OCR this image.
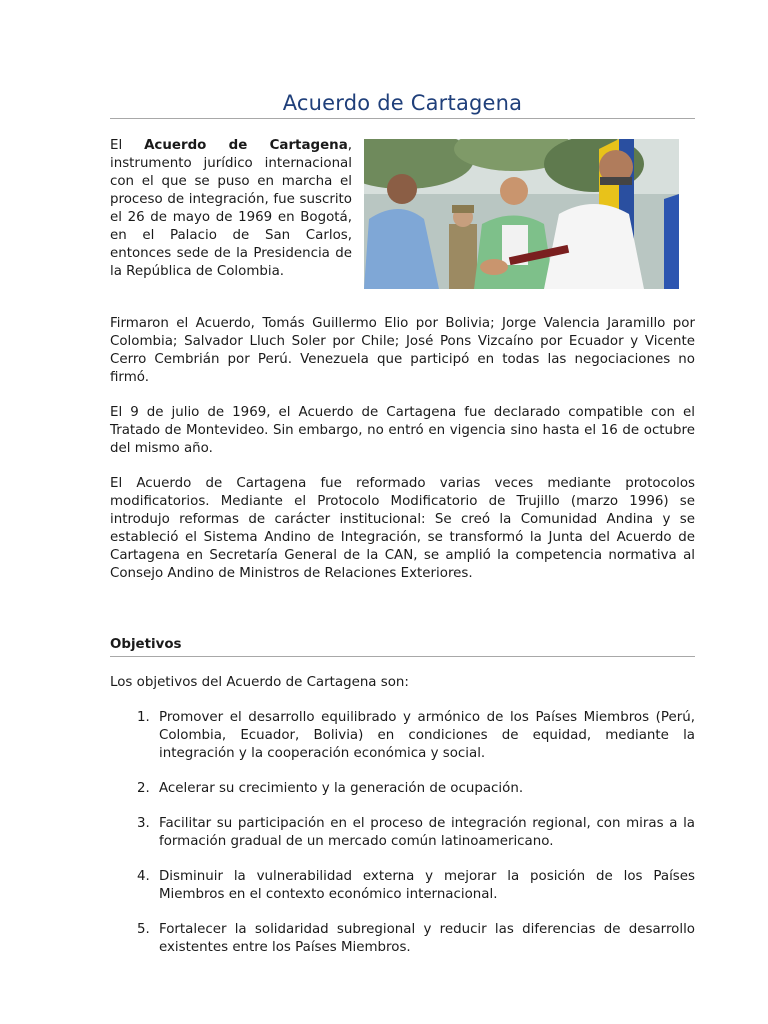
Acuerdo de Cartagena

El Acuerdo de Cartagena, instrumento jurídico internacional con el que se puso en marcha el proceso de integración, fue suscrito el 26 de mayo de 1969 en Bogotá, en el Palacio de San Carlos, entonces sede de la Presidencia de la República de Colombia.

Firmaron el Acuerdo, Tomás Guillermo Elio por Bolivia; Jorge Valencia Jaramillo por Colombia; Salvador Lluch Soler por Chile; José Pons Vizcaíno por Ecuador y Vicente Cerro Cembrián por Perú. Venezuela que participó en todas las negociaciones no firmó.

El 9 de julio de 1969, el Acuerdo de Cartagena fue declarado compatible con el Tratado de Montevideo. Sin embargo, no entró en vigencia sino hasta el 16 de octubre del mismo año.

El Acuerdo de Cartagena fue reformado varias veces mediante protocolos modificatorios. Mediante el Protocolo Modificatorio de Trujillo (marzo 1996) se introdujo reformas de carácter institucional: Se creó la Comunidad Andina y se estableció el Sistema Andino de Integración, se transformó la Junta del Acuerdo de Cartagena en Secretaría General de la CAN, se amplió la competencia normativa al Consejo Andino de Ministros de Relaciones Exteriores.

Objetivos

Los objetivos del Acuerdo de Cartagena son:

1. Promover el desarrollo equilibrado y armónico de los Países Miembros (Perú, Colombia, Ecuador, Bolivia) en condiciones de equidad, mediante la integración y la cooperación económica y social.
2. Acelerar su crecimiento y la generación de ocupación.
3. Facilitar su participación en el proceso de integración regional, con miras a la formación gradual de un mercado común latinoamericano.
4. Disminuir la vulnerabilidad externa y mejorar la posición de los Países Miembros en el contexto económico internacional.
5. Fortalecer la solidaridad subregional y reducir las diferencias de desarrollo existentes entre los Países Miembros.
